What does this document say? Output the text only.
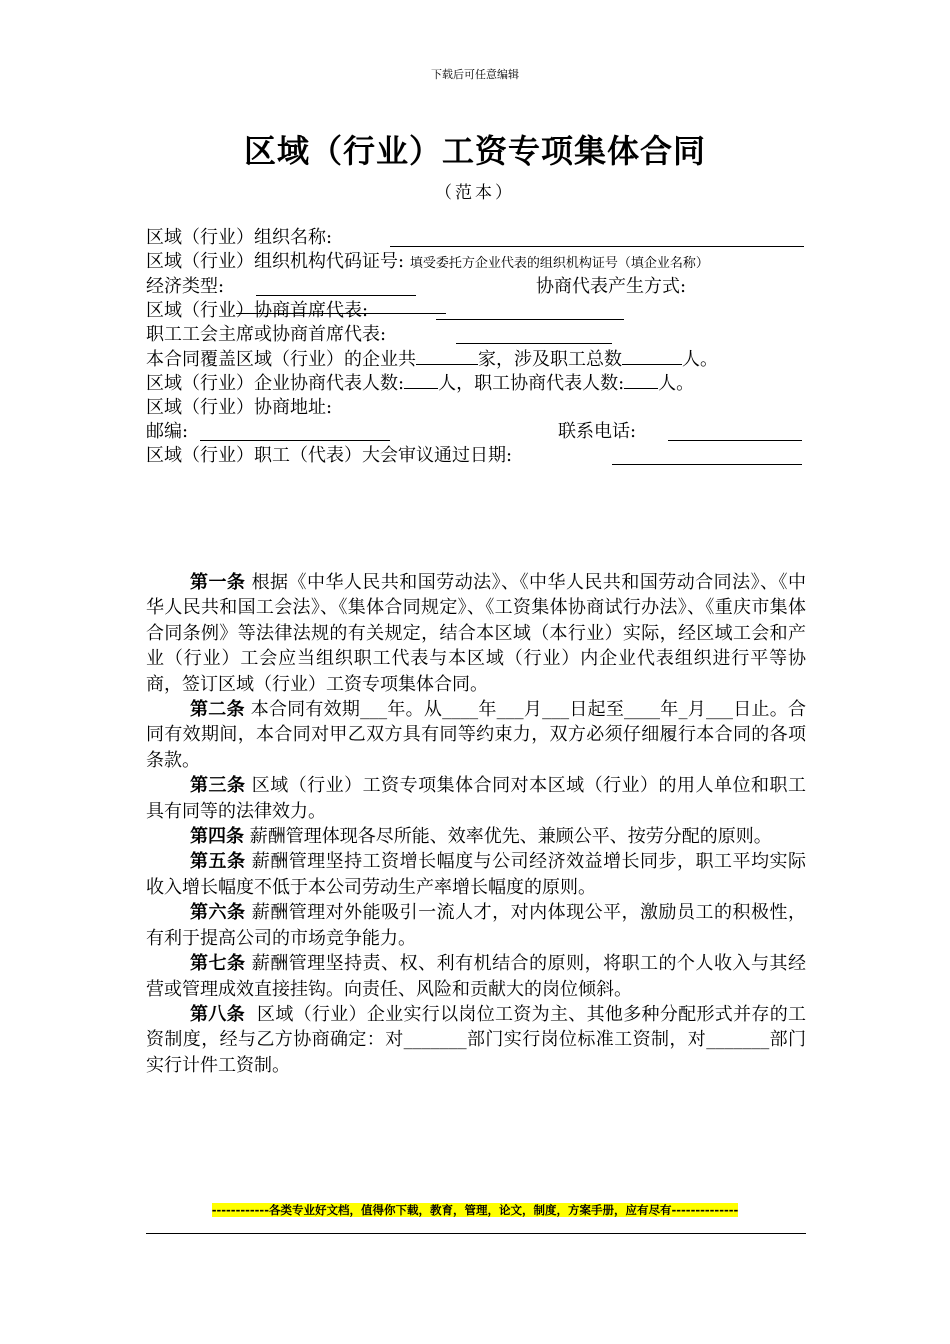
下载后可任意编辑
区域（行业）工资专项集体合同
（范本）
区域（行业）组织名称:
区域（行业）组织机构代码证号: 填受委托方企业代表的组织机构证号（填企业名称）
经济类型:	协商代表产生方式:
区域（行业）协商首席代表:
职工工会主席或协商首席代表:
本合同覆盖区域（行业）的企业共	家，涉及职工总数	人。
区域（行业）企业协商代表人数: 人，职工协商代表人数: 人。
区域（行业）协商地址:
邮编:	联系电话:
区域（行业）职工（代表）大会审议通过日期:

第一条 根据《中华人民共和国劳动法》、《中华人民共和国劳动合同法》、《中华人民共和国工会法》、《集体合同规定》、《工资集体协商试行办法》、《重庆市集体合同条例》等法律法规的有关规定，结合本区域（本行业）实际，经区域工会和产业（行业）工会应当组织职工代表与本区域（行业）内企业代表组织进行平等协商，签订区域（行业）工资专项集体合同。

第二条 本合同有效期___年。从____年___月___日起至____年_月___日止。合同有效期间，本合同对甲乙双方具有同等约束力，双方必须仔细履行本合同的各项条款。

第三条 区域（行业）工资专项集体合同对本区域（行业）的用人单位和职工具有同等的法律效力。

第四条 薪酬管理体现各尽所能、效率优先、兼顾公平、按劳分配的原则。

第五条 薪酬管理坚持工资增长幅度与公司经济效益增长同步，职工平均实际收入增长幅度不低于本公司劳动生产率增长幅度的原则。

第六条 薪酬管理对外能吸引一流人才，对内体现公平，激励员工的积极性，有利于提高公司的市场竞争能力。

第七条 薪酬管理坚持责、权、利有机结合的原则，将职工的个人收入与其经营或管理成效直接挂钩。向责任、风险和贡献大的岗位倾斜。

第八条 区域（行业）企业实行以岗位工资为主、其他多种分配形式并存的工资制度，经与乙方协商确定：对_______部门实行岗位标准工资制，对_______部门实行计件工资制。

------------各类专业好文档，值得你下载，教育，管理，论文，制度，方案手册，应有尽有--------------
